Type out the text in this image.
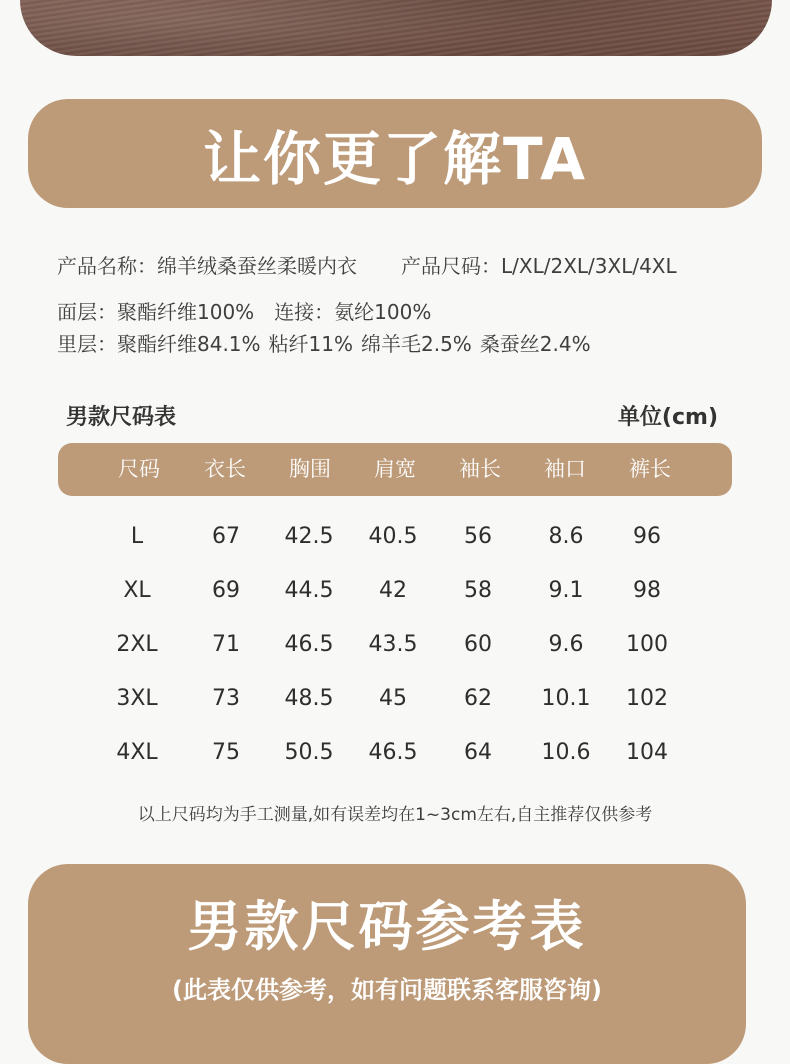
让你更了解TA
产品名称：绵羊绒桑蚕丝柔暖内衣 产品尺码：L/XL/2XL/3XL/4XL
面层：聚酯纤维100% 连接：氨纶100%
里层：聚酯纤维84.1% 粘纤11% 绵羊毛2.5% 桑蚕丝2.4%
男款尺码表	单位(cm)
尺码 衣长 胸围 肩宽 袖长 袖口 裤长
L	67 42.5 40.5 56	8.6 96
XL	69 44.5 42	58	9.1 98
2XL 71 46.5 43.5 60	9.6 100
3XL 73 48.5 45	62 10.1 102
4XL 75 50.5 46.5 64 10.6 104
以上尺码均为手工测量,如有误差均在1~3cm左右,自主推荐仅供参考
男款尺码参考表
(此表仅供参考，如有问题联系客服咨询)
